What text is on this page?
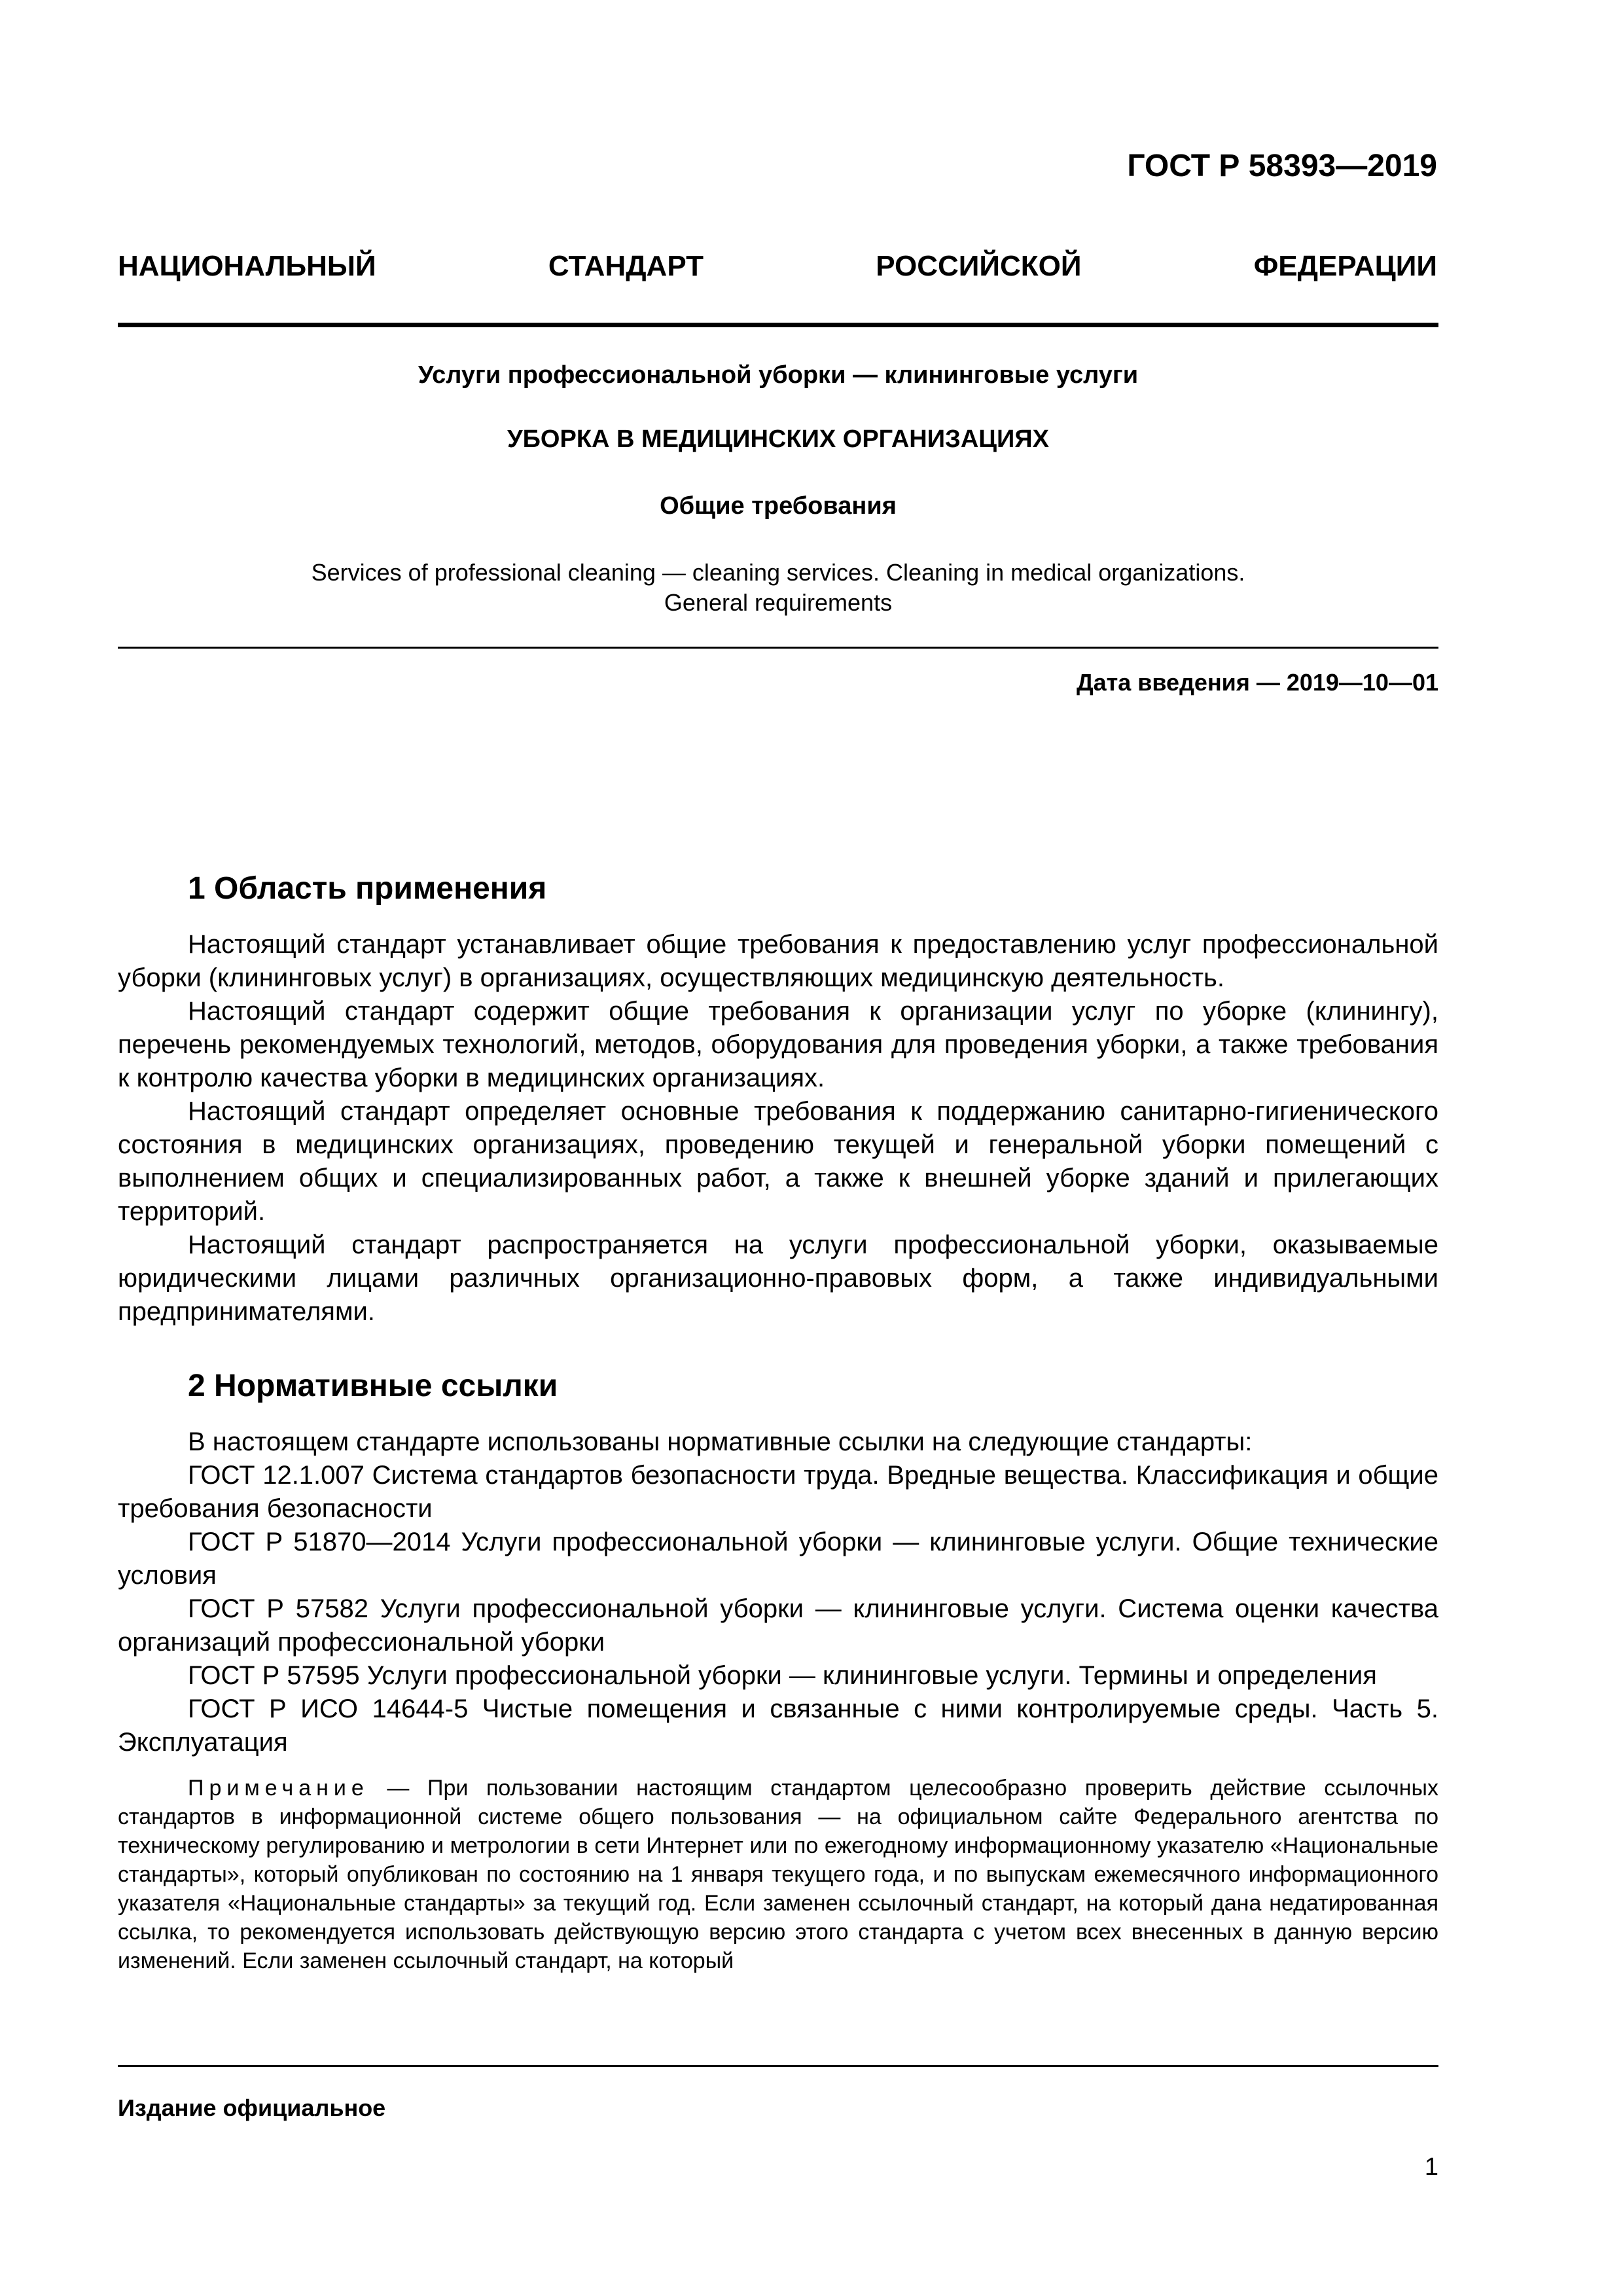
ГОСТ Р 58393—2019
НАЦИОНАЛЬНЫЙ СТАНДАРТ РОССИЙСКОЙ ФЕДЕРАЦИИ
Услуги профессиональной уборки — клининговые услуги
УБОРКА В МЕДИЦИНСКИХ ОРГАНИЗАЦИЯХ
Общие требования
Services of professional cleaning — cleaning services. Cleaning in medical organizations.
General requirements
Дата введения — 2019—10—01
1 Область применения

Настоящий стандарт устанавливает общие требования к предоставлению услуг профессиональной уборки (клининговых услуг) в организациях, осуществляющих медицинскую деятельность.

Настоящий стандарт содержит общие требования к организации услуг по уборке (клинингу), перечень рекомендуемых технологий, методов, оборудования для проведения уборки, а также требования к контролю качества уборки в медицинских организациях.

Настоящий стандарт определяет основные требования к поддержанию санитарно-гигиенического состояния в медицинских организациях, проведению текущей и генеральной уборки помещений с выполнением общих и специализированных работ, а также к внешней уборке зданий и прилегающих территорий.

Настоящий стандарт распространяется на услуги профессиональной уборки, оказываемые юридическими лицами различных организационно-правовых форм, а также индивидуальными предпринимателями.

2 Нормативные ссылки

В настоящем стандарте использованы нормативные ссылки на следующие стандарты:

ГОСТ 12.1.007 Система стандартов безопасности труда. Вредные вещества. Классификация и общие требования безопасности

ГОСТ Р 51870—2014 Услуги профессиональной уборки — клининговые услуги. Общие технические условия

ГОСТ Р 57582 Услуги профессиональной уборки — клининговые услуги. Система оценки качества организаций профессиональной уборки

ГОСТ Р 57595 Услуги профессиональной уборки — клининговые услуги. Термины и определения

ГОСТ Р ИСО 14644-5 Чистые помещения и связанные с ними контролируемые среды. Часть 5. Эксплуатация

Примечание — При пользовании настоящим стандартом целесообразно проверить действие ссылочных стандартов в информационной системе общего пользования — на официальном сайте Федерального агентства по техническому регулированию и метрологии в сети Интернет или по ежегодному информационному указателю «Национальные стандарты», который опубликован по состоянию на 1 января текущего года, и по выпускам ежемесячного информационного указателя «Национальные стандарты» за текущий год. Если заменен ссылочный стандарт, на который дана недатированная ссылка, то рекомендуется использовать действующую версию этого стандарта с учетом всех внесенных в данную версию изменений. Если заменен ссылочный стандарт, на который

Издание официальное
1
